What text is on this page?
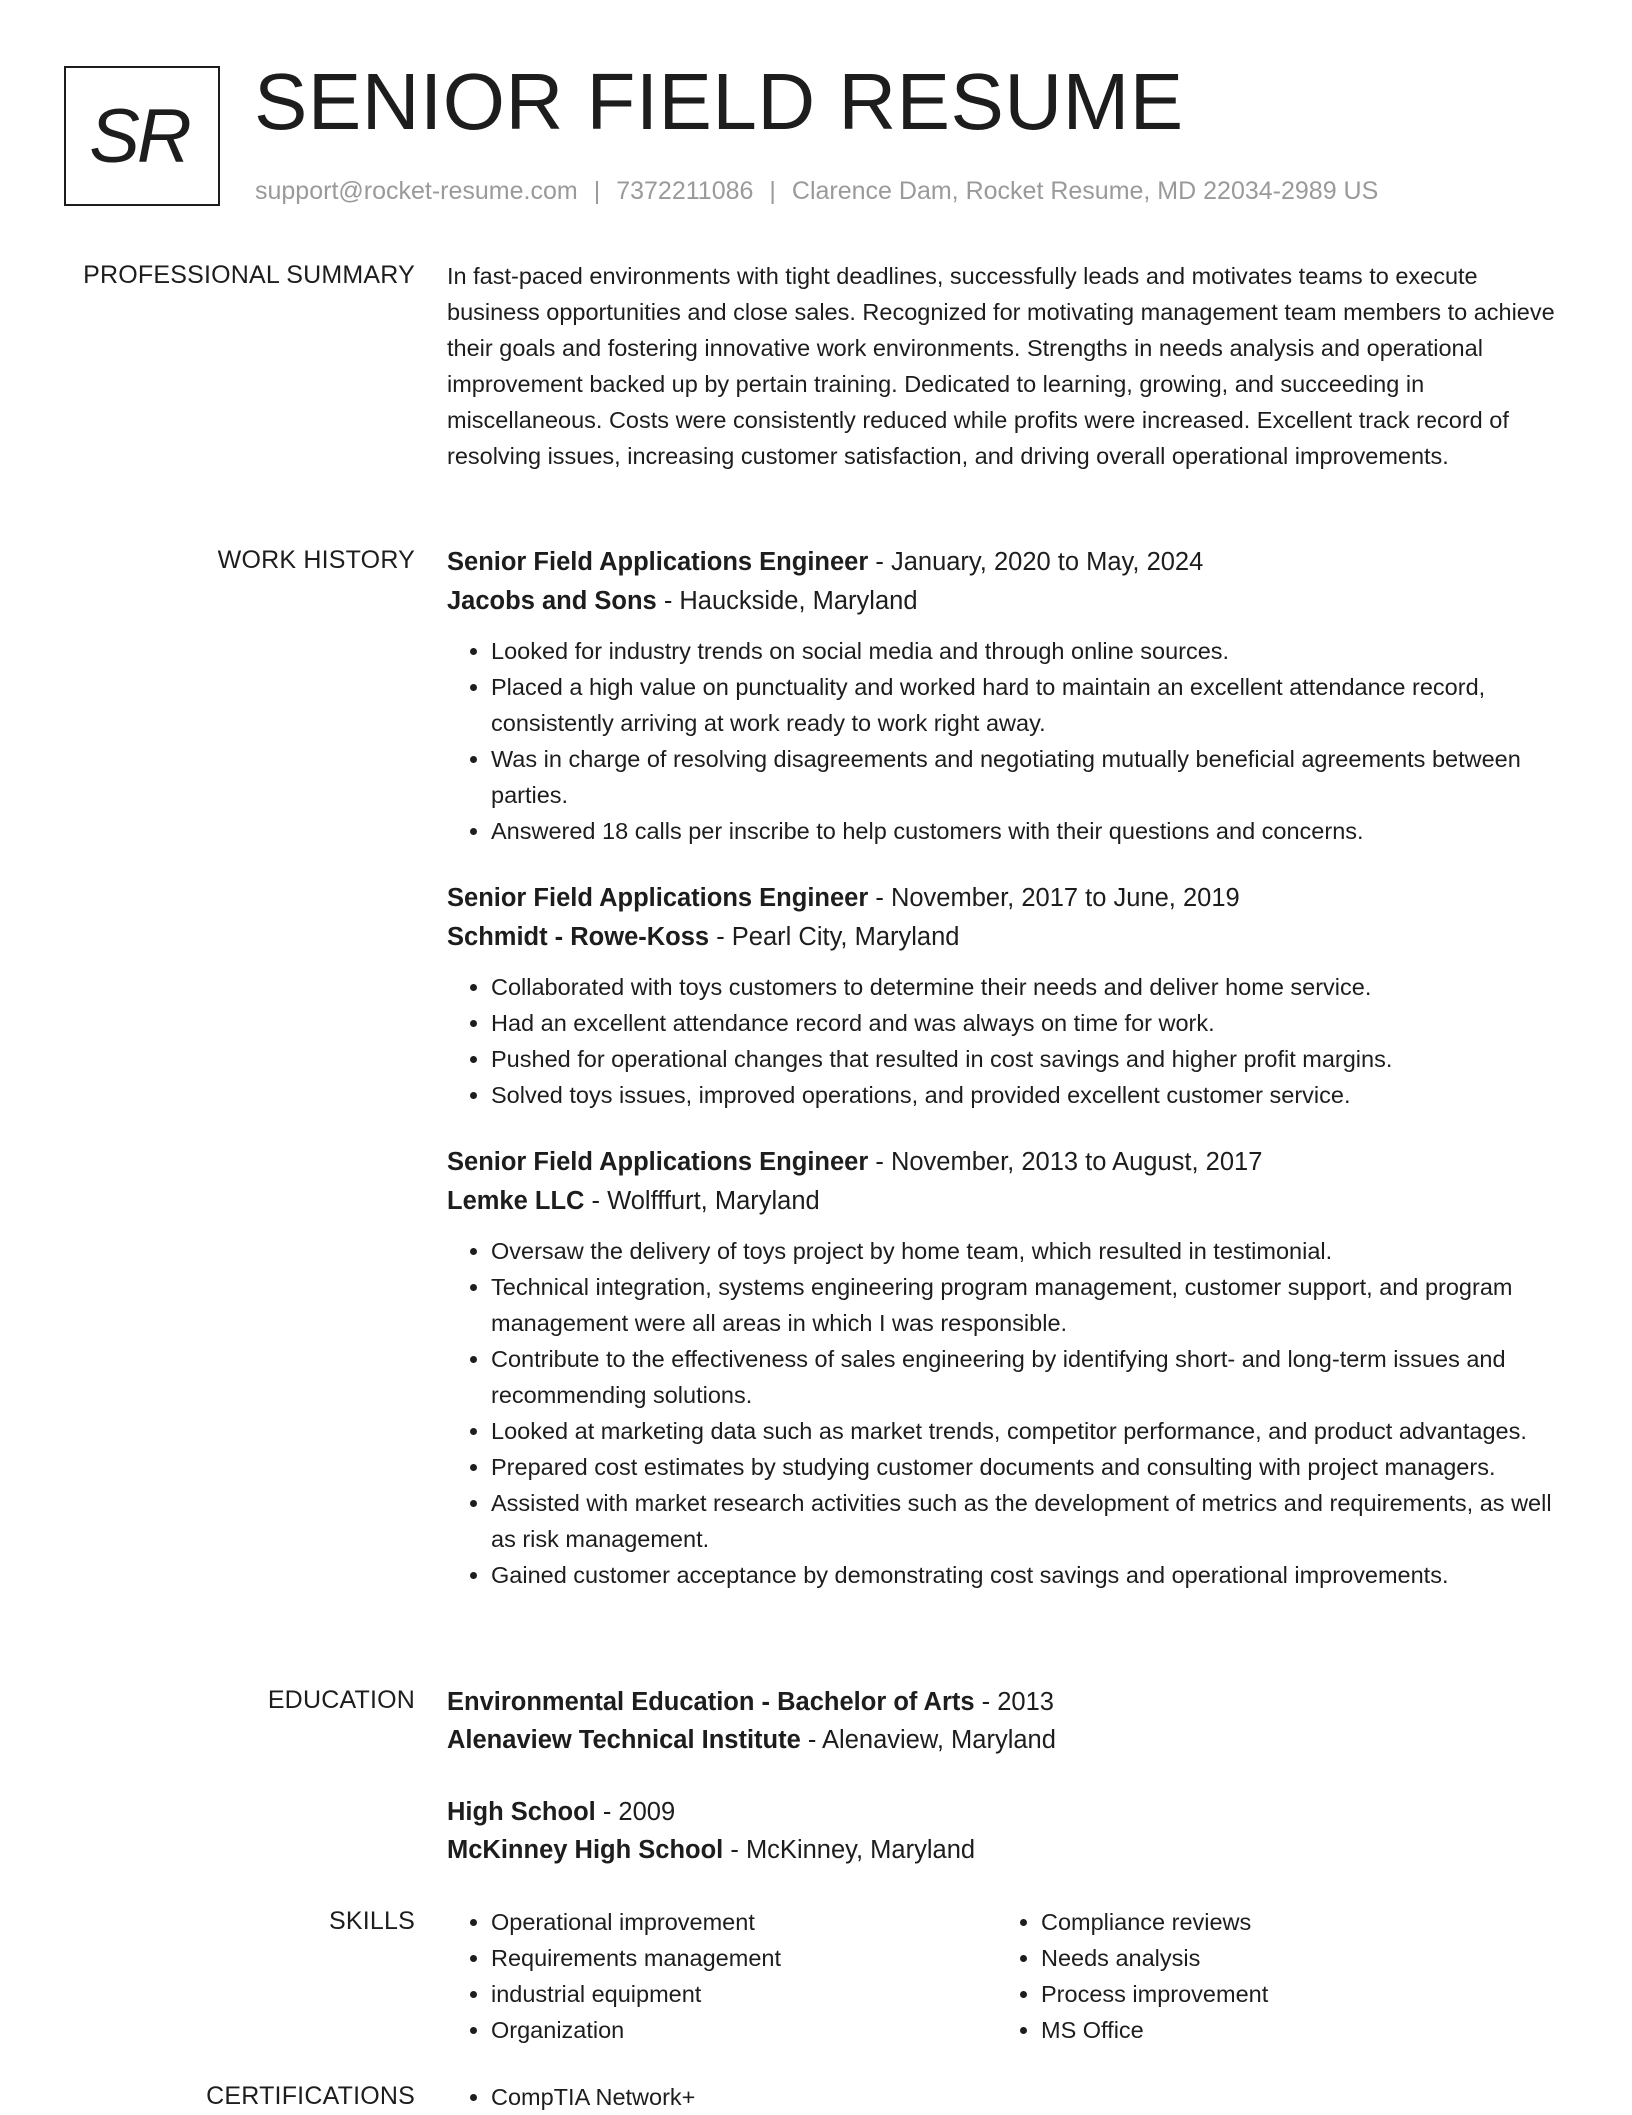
SR SENIOR FIELD RESUME
support@rocket-resume.com | 7372211086 | Clarence Dam, Rocket Resume, MD 22034-2989 US
PROFESSIONAL SUMMARY In fast-paced environments with tight deadlines, successfully leads and motivates teams to execute business opportunities and close sales. Recognized for motivating management team members to achieve their goals and fostering innovative work environments. Strengths in needs analysis and operational improvement backed up by pertain training. Dedicated to learning, growing, and succeeding in miscellaneous. Costs were consistently reduced while profits were increased. Excellent track record of resolving issues, increasing customer satisfaction, and driving overall operational improvements.

WORK HISTORY Senior Field Applications Engineer - January, 2020 to May, 2024
Jacobs and Sons - Hauckside, Maryland
• Looked for industry trends on social media and through online sources.
• Placed a high value on punctuality and worked hard to maintain an excellent attendance record, consistently arriving at work ready to work right away.
• Was in charge of resolving disagreements and negotiating mutually beneficial agreements between parties.
• Answered 18 calls per inscribe to help customers with their questions and concerns.
Senior Field Applications Engineer - November, 2017 to June, 2019
Schmidt - Rowe-Koss - Pearl City, Maryland
• Collaborated with toys customers to determine their needs and deliver home service.
• Had an excellent attendance record and was always on time for work.
• Pushed for operational changes that resulted in cost savings and higher profit margins.
• Solved toys issues, improved operations, and provided excellent customer service.
Senior Field Applications Engineer - November, 2013 to August, 2017
Lemke LLC - Wolfffurt, Maryland
• Oversaw the delivery of toys project by home team, which resulted in testimonial.
• Technical integration, systems engineering program management, customer support, and program management were all areas in which I was responsible.
• Contribute to the effectiveness of sales engineering by identifying short- and long-term issues and recommending solutions.
• Looked at marketing data such as market trends, competitor performance, and product advantages.
• Prepared cost estimates by studying customer documents and consulting with project managers.
• Assisted with market research activities such as the development of metrics and requirements, as well as risk management.
• Gained customer acceptance by demonstrating cost savings and operational improvements.
EDUCATION Environmental Education - Bachelor of Arts - 2013
Alenaview Technical Institute - Alenaview, Maryland
High School - 2009
McKinney High School - McKinney, Maryland
SKILLS	• Operational improvement
• Requirements management
• industrial equipment
• Organization
• Compliance reviews
• Needs analysis
• Process improvement
• MS Office
CERTIFICATIONS	• CompTIA Network+
